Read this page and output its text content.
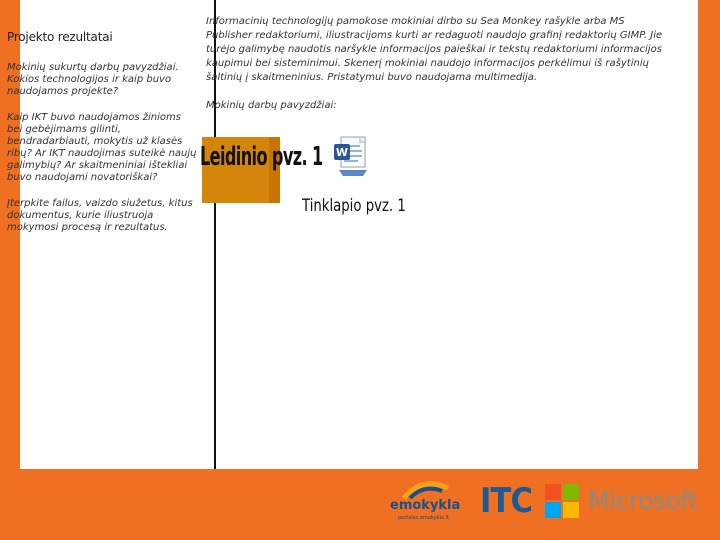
Projekto rezultatai

Mokinių sukurtų darbų pavyzdžiai. Kokios technologijos ir kaip buvo naudojamos projekte?

Kaip IKT buvo naudojamos žinioms bei gebėjimams gilinti, bendradarbiauti, mokytis už klasės ribų? Ar IKT naudojimas suteikė naujų galimybių? Ar skaitmeniniai ištekliai buvo naudojami novatoriškai?

Įterpkite failus, vaizdo siužetus, kitus dokumentus, kurie iliustruoja mokymosi procesą ir rezultatus.

Informacinių technologijų pamokose mokiniai dirbo su Sea Monkey rašykle arba MS Publisher redaktoriumi, iliustracijoms kurti ar redaguoti naudojo grafinį redaktorių GIMP. Jie turėjo galimybę naudotis naršykle informacijos paieškai ir tekstų redaktoriumi informacijos kaupimui bei sisteminimui. Skenerį mokiniai naudojo informacijos perkėlimui iš rašytinių šaltinių į skaitmeninius. Pristatymui buvo naudojama multimedija.

Mokinių darbų pavyzdžiai:

Leidinio pvz. 1 W
Tinklapio pvz. 1
emokykla
portalas.emokykla.lt ITC Microsoft
